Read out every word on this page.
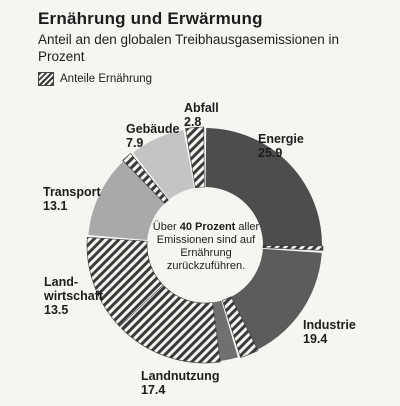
Ernährung und Erwärmung
Anteil an den globalen Treibhausgasemissionen in Prozent
Anteile Ernährung
Energie
25.9
Industrie
19.4
Landnutzung
17.4
Land-wirtschaft
13.5
Transport
13.1
Gebäude
7.9
Abfall
2.8
Über 40 Prozent aller Emissionen sind auf Ernährung zurückzuführen.
